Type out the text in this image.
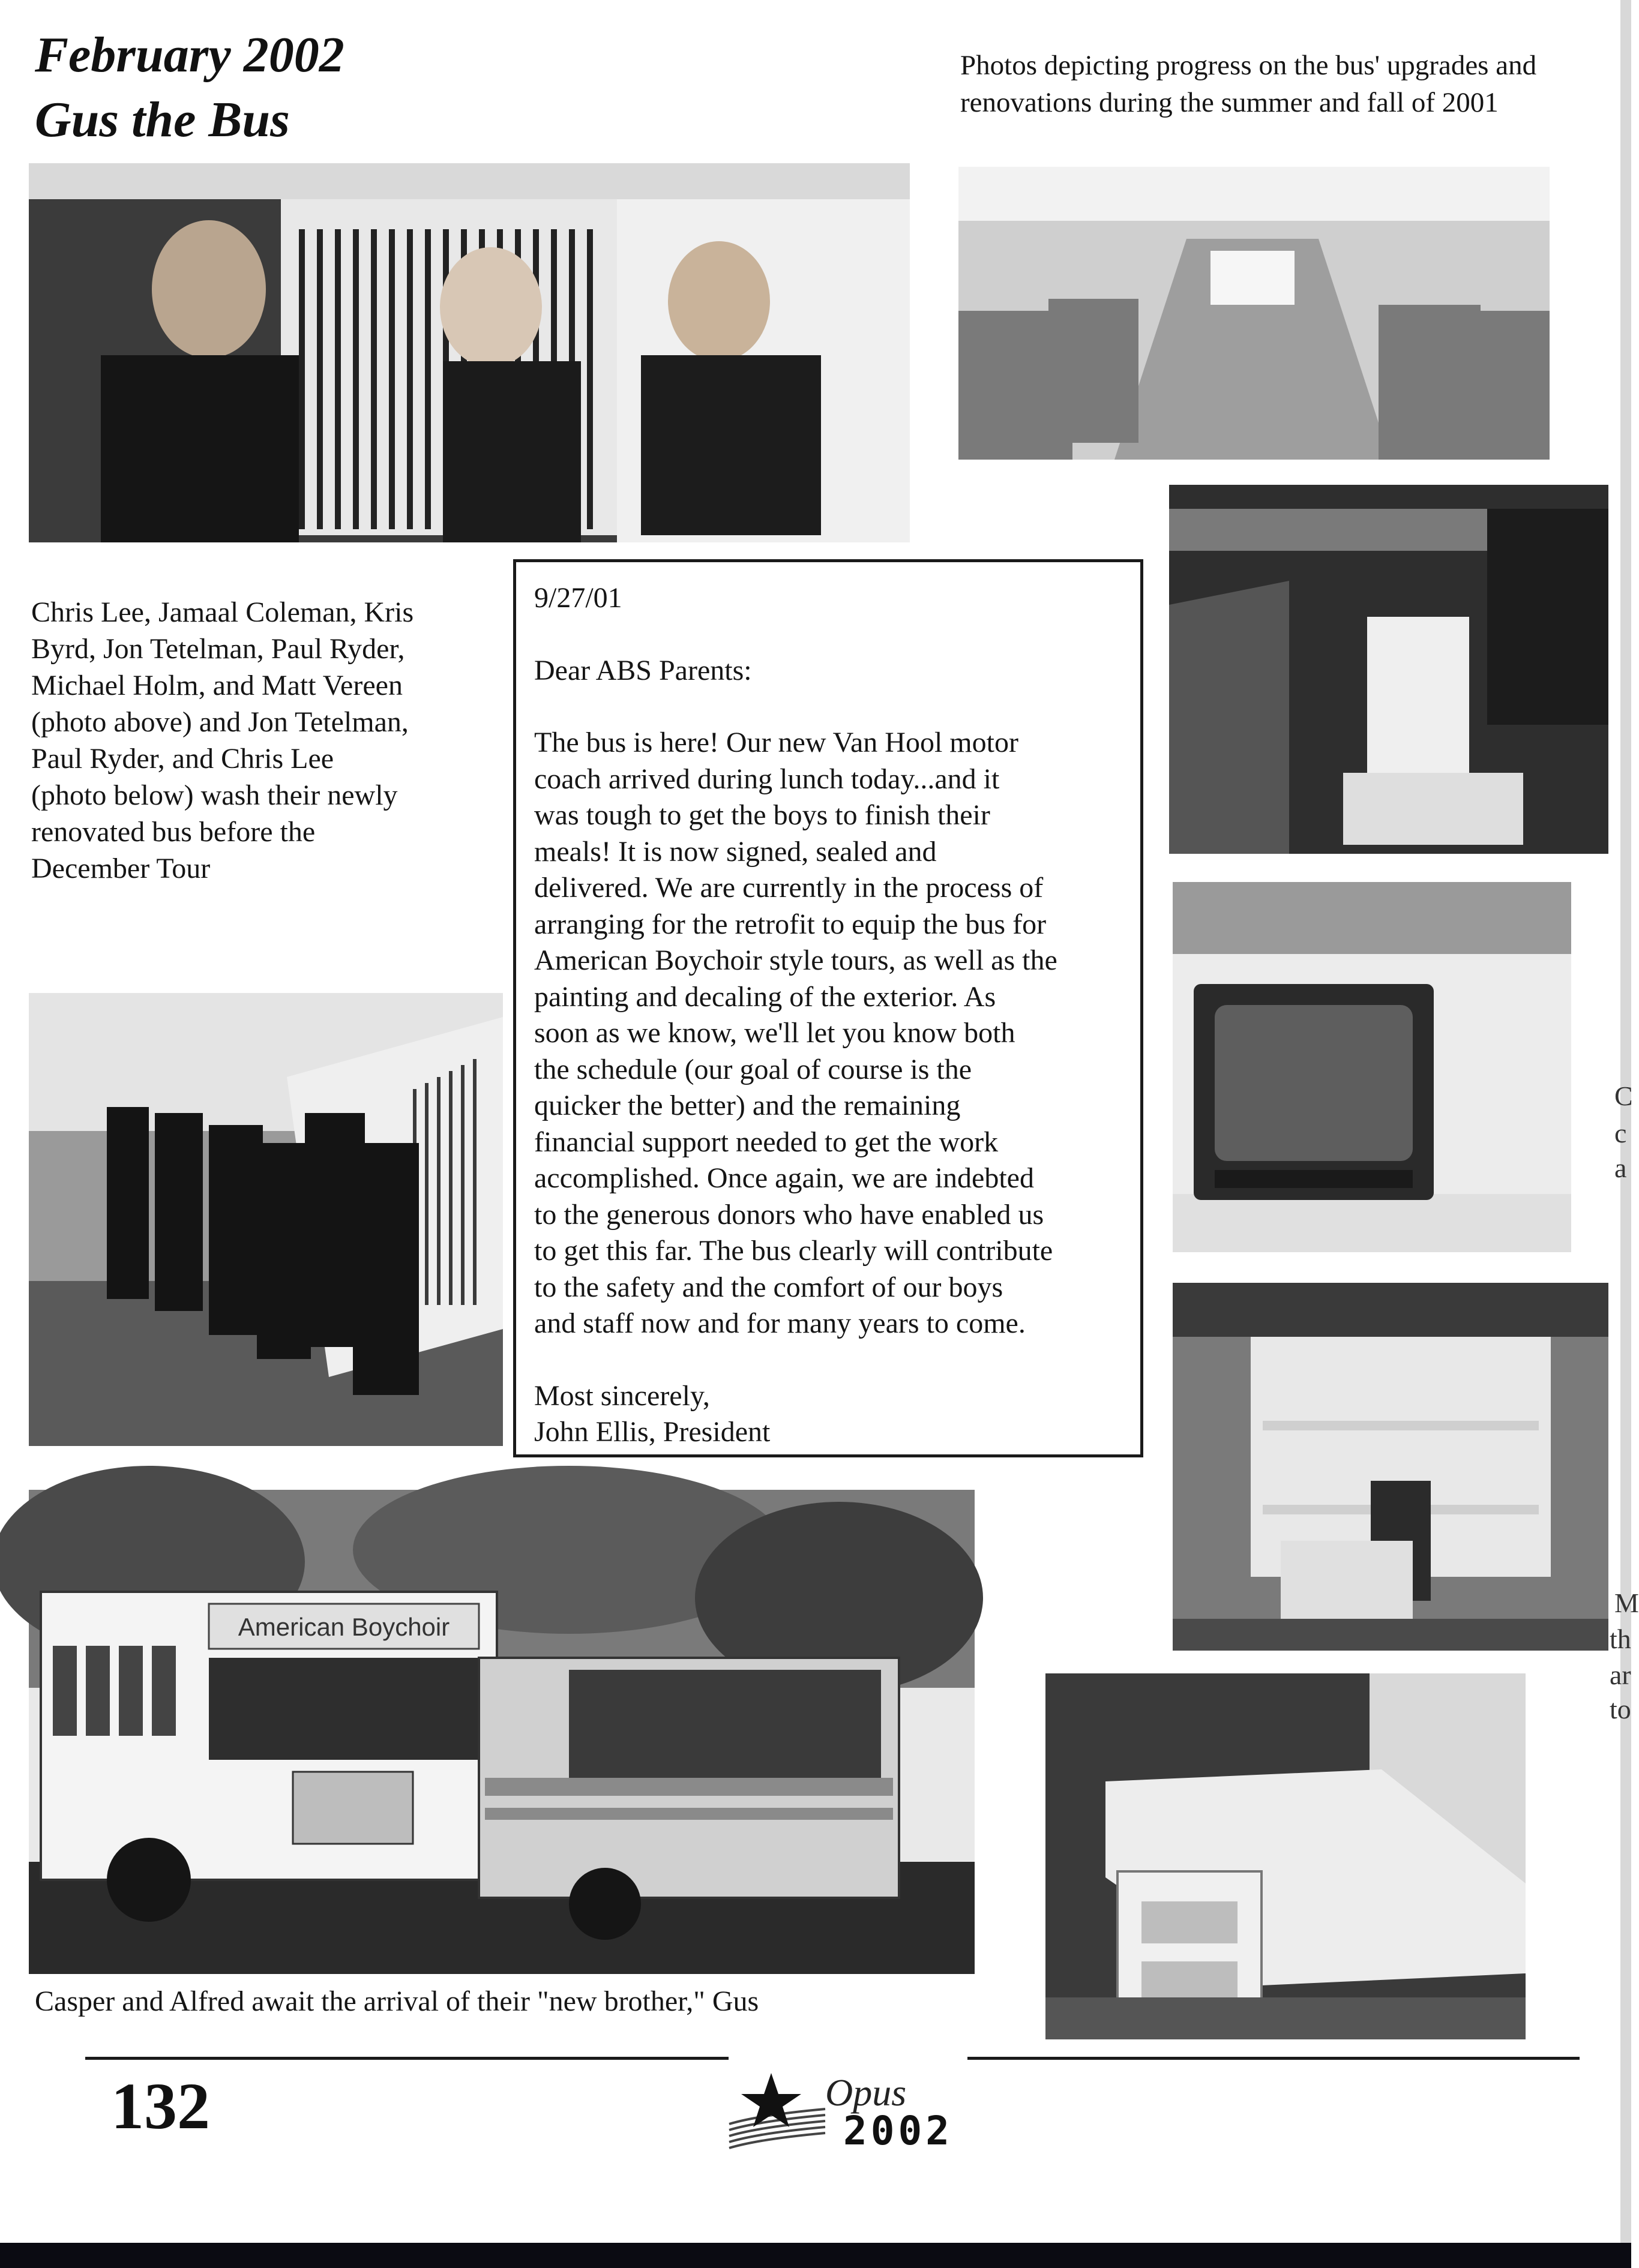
February 2002
Gus the Bus
Photos depicting progress on the bus' upgrades and
renovations during the summer and fall of 2001
Chris Lee, Jamaal Coleman, Kris
Byrd, Jon Tetelman, Paul Ryder,
Michael Holm, and Matt Vereen
(photo above) and Jon Tetelman,
Paul Ryder, and Chris Lee
(photo below) wash their newly
renovated bus before the
December Tour
9/27/01
Dear ABS Parents:
The bus is here! Our new Van Hool motor
coach arrived during lunch today...and it
was tough to get the boys to finish their
meals! It is now signed, sealed and
delivered. We are currently in the process of
arranging for the retrofit to equip the bus for
American Boychoir style tours, as well as the
painting and decaling of the exterior. As
soon as we know, we'll let you know both
the schedule (our goal of course is the
quicker the better) and the remaining
financial support needed to get the work
accomplished. Once again, we are indebted
to the generous donors who have enabled us
to get this far. The bus clearly will contribute
to the safety and the comfort of our boys
and staff now and for many years to come.
Most sincerely,
John Ellis, President
American Boychoir
Casper and Alfred await the arrival of their "new brother," Gus
132	Opus
2002
C
c
a
M
th
ar
to
